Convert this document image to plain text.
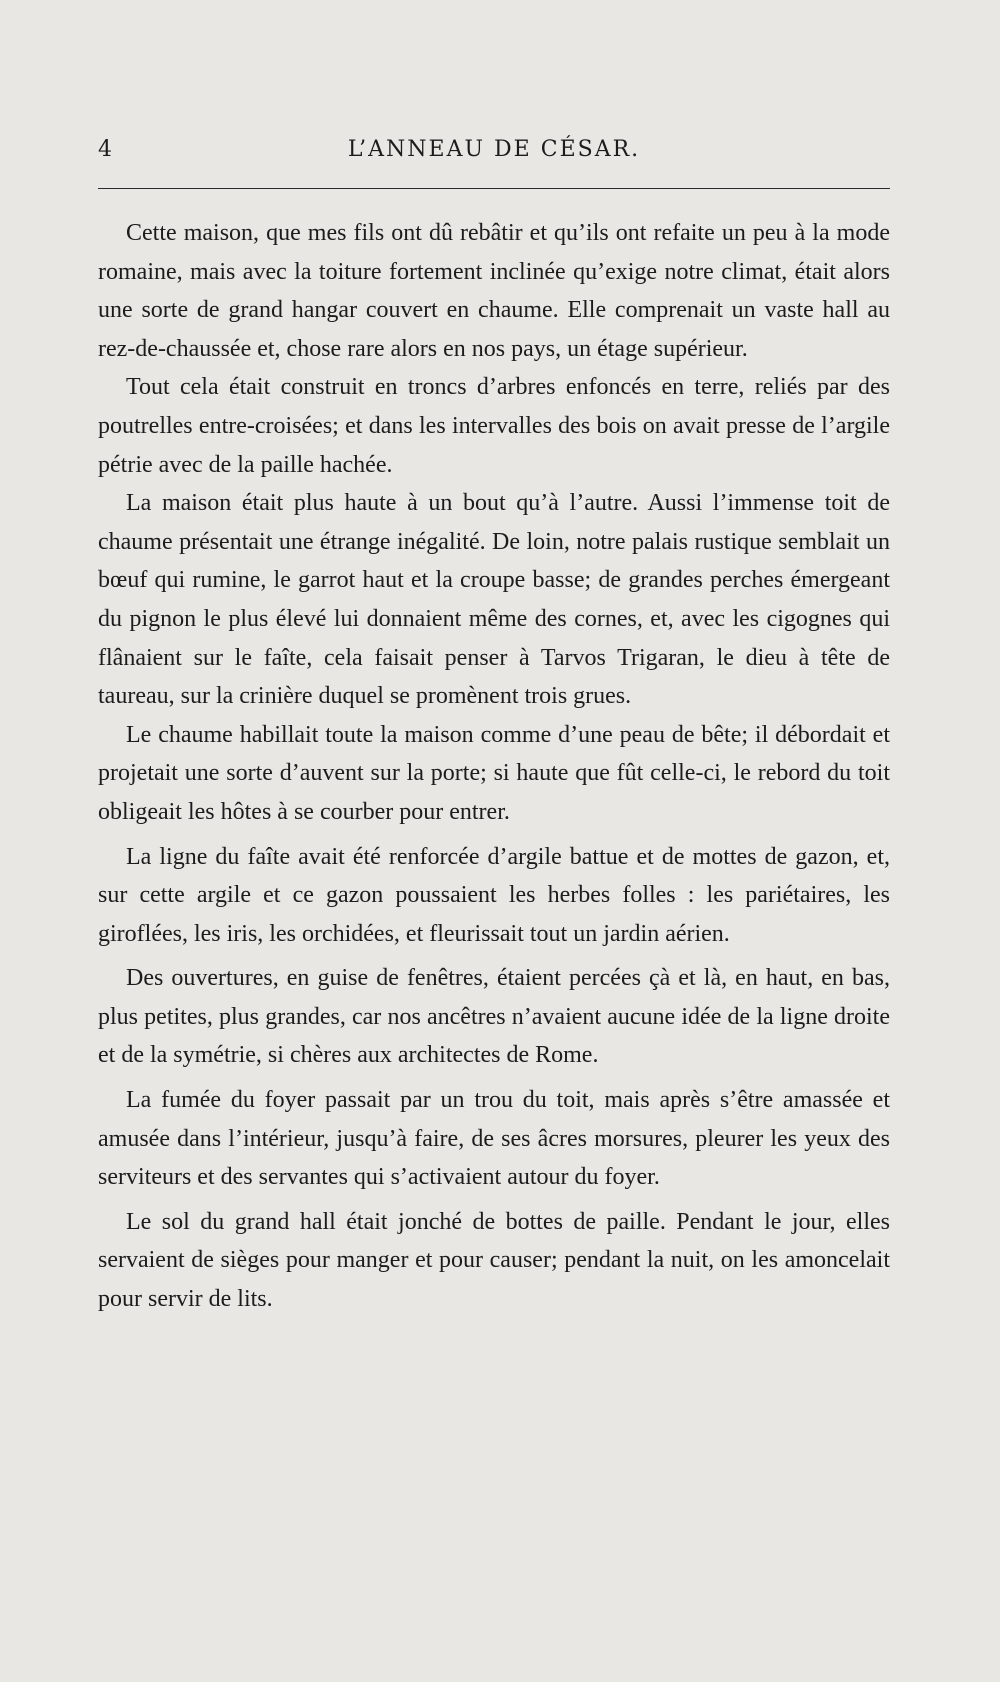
4	L’ANNEAU DE CÉSAR.

Cette maison, que mes fils ont dû rebâtir et qu’ils ont refaite un peu à la mode romaine, mais avec la toiture fortement inclinée qu’exige notre climat, était alors une sorte de grand hangar couvert en chaume. Elle comprenait un vaste hall au rez-de-chaussée et, chose rare alors en nos pays, un étage supérieur.

Tout cela était construit en troncs d’arbres enfoncés en terre, reliés par des poutrelles entre-croisées; et dans les intervalles des bois on avait presse de l’argile pétrie avec de la paille hachée.

La maison était plus haute à un bout qu’à l’autre. Aussi l’immense toit de chaume présentait une étrange inégalité. De loin, notre palais rustique semblait un bœuf qui rumine, le garrot haut et la croupe basse; de grandes perches émergeant du pignon le plus élevé lui donnaient même des cornes, et, avec les cigognes qui flânaient sur le faîte, cela faisait penser à Tarvos Trigaran, le dieu à tête de taureau, sur la crinière duquel se promènent trois grues.

Le chaume habillait toute la maison comme d’une peau de bête; il débordait et projetait une sorte d’auvent sur la porte; si haute que fût celle-ci, le rebord du toit obligeait les hôtes à se courber pour entrer.

La ligne du faîte avait été renforcée d’argile battue et de mottes de gazon, et, sur cette argile et ce gazon poussaient les herbes folles : les pariétaires, les giroflées, les iris, les orchidées, et fleurissait tout un jardin aérien.

Des ouvertures, en guise de fenêtres, étaient percées çà et là, en haut, en bas, plus petites, plus grandes, car nos ancêtres n’avaient aucune idée de la ligne droite et de la symétrie, si chères aux architectes de Rome.

La fumée du foyer passait par un trou du toit, mais après s’être amassée et amusée dans l’intérieur, jusqu’à faire, de ses âcres morsures, pleurer les yeux des serviteurs et des servantes qui s’activaient autour du foyer.

Le sol du grand hall était jonché de bottes de paille. Pendant le jour, elles servaient de sièges pour manger et pour causer; pendant la nuit, on les amoncelait pour servir de lits.
